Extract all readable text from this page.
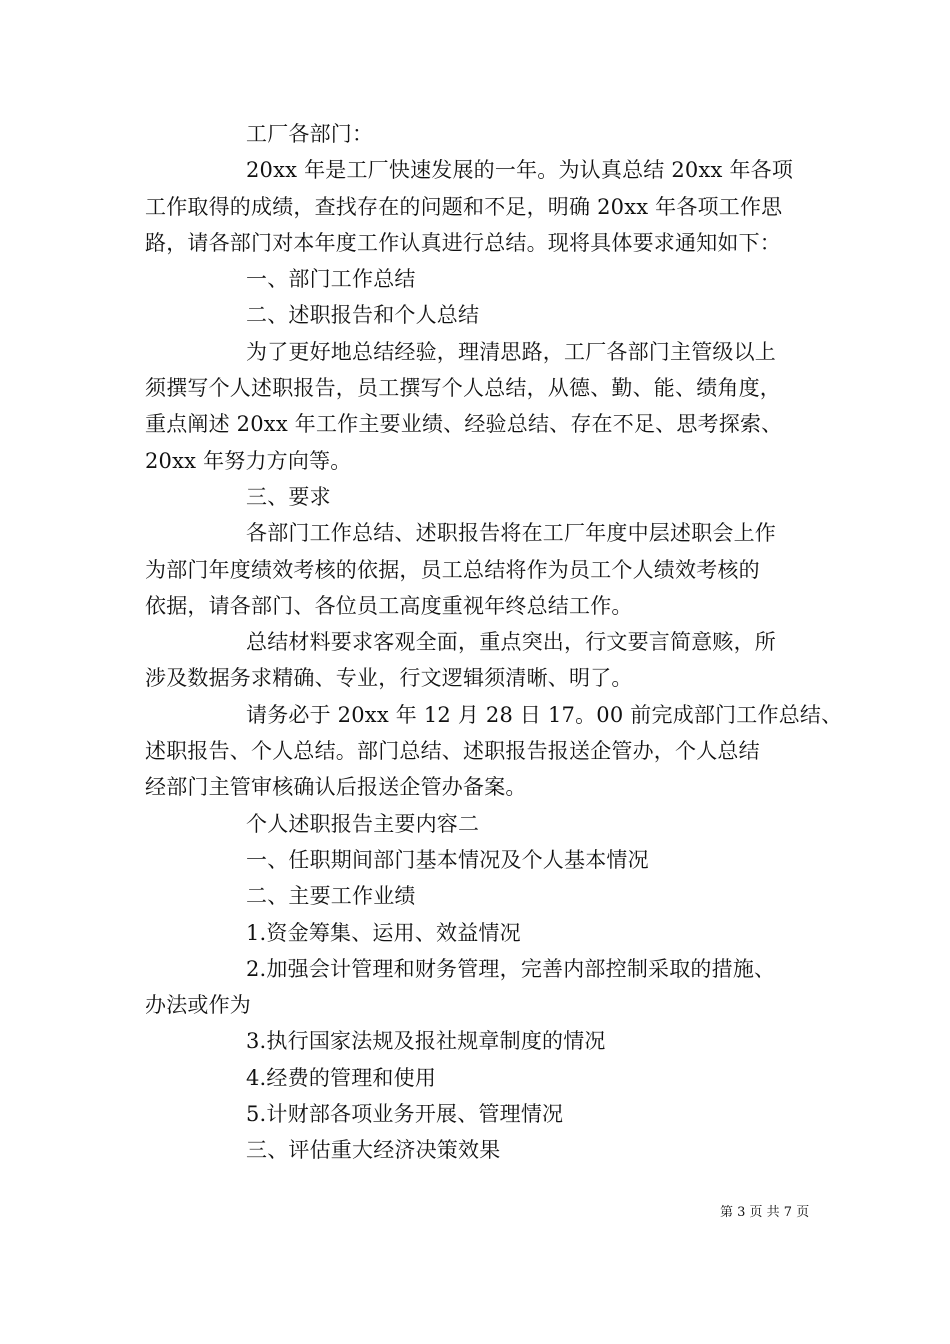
工厂各部门：
20xx 年是工厂快速发展的一年。为认真总结 20xx 年各项
工作取得的成绩，查找存在的问题和不足，明确 20xx 年各项工作思
路，请各部门对本年度工作认真进行总结。现将具体要求通知如下：
一、部门工作总结
二、述职报告和个人总结
为了更好地总结经验，理清思路，工厂各部门主管级以上
须撰写个人述职报告，员工撰写个人总结，从德、勤、能、绩角度，
重点阐述 20xx 年工作主要业绩、经验总结、存在不足、思考探索、
20xx 年努力方向等。
三、要求
各部门工作总结、述职报告将在工厂年度中层述职会上作
为部门年度绩效考核的依据，员工总结将作为员工个人绩效考核的
依据，请各部门、各位员工高度重视年终总结工作。
总结材料要求客观全面，重点突出，行文要言简意赅，所
涉及数据务求精确、专业，行文逻辑须清晰、明了。
请务必于 20xx 年 12 月 28 日 17。00 前完成部门工作总结、
述职报告、个人总结。部门总结、述职报告报送企管办，个人总结
经部门主管审核确认后报送企管办备案。
个人述职报告主要内容二
一、任职期间部门基本情况及个人基本情况
二、主要工作业绩
1.资金筹集、运用、效益情况
2.加强会计管理和财务管理，完善内部控制采取的措施、
办法或作为
3.执行国家法规及报社规章制度的情况
4.经费的管理和使用
5.计财部各项业务开展、管理情况
三、评估重大经济决策效果
第 3 页 共 7 页
